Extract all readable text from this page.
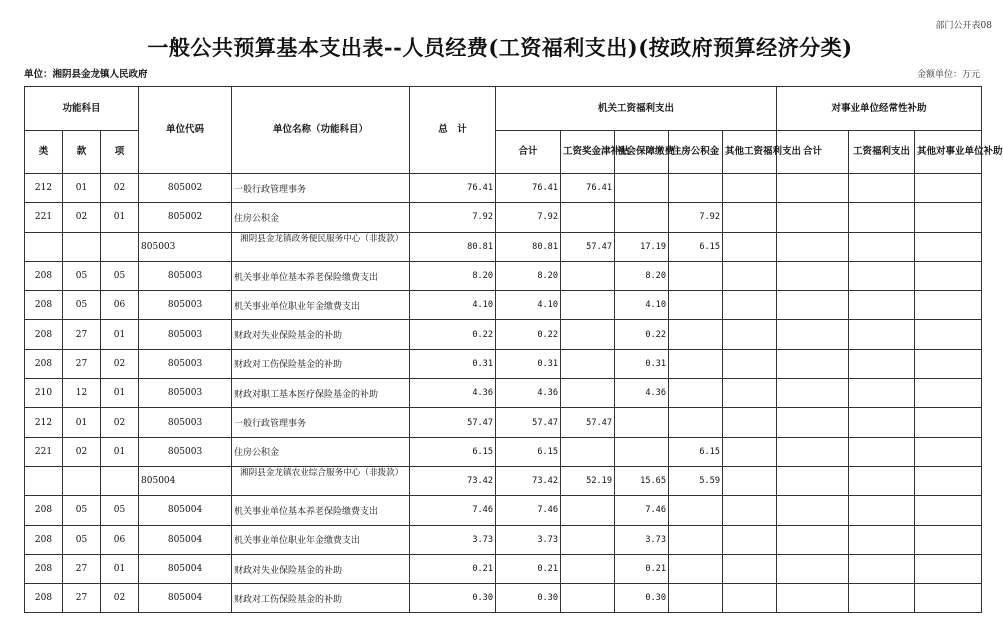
部门公开表08
一般公共预算基本支出表--人员经费(工资福利支出)(按政府预算经济分类)
单位：湘阴县金龙镇人民政府	金额单位：万元
功能科目			单位代码	单位名称（功能科目）	总　计	机关工资福利支出					对事业单位经常性补助		
类	款	项				合计	工资奖金津补贴	社会保障缴费	住房公积金	其他工资福利支出	合计	工资福利支出	其他对事业单位补助
212	01	02	805002	一般行政管理事务	76.41	76.41	76.41						
221	02	01	805002	住房公积金	7.92	7.92			7.92				
			805003	湘阴县金龙镇政务便民服务中心（非拨款）	80.81	80.81	57.47	17.19	6.15				
208	05	05	805003	机关事业单位基本养老保险缴费支出	8.20	8.20		8.20					
208	05	06	805003	机关事业单位职业年金缴费支出	4.10	4.10		4.10					
208	27	01	805003	财政对失业保险基金的补助	0.22	0.22		0.22					
208	27	02	805003	财政对工伤保险基金的补助	0.31	0.31		0.31					
210	12	01	805003	财政对职工基本医疗保险基金的补助	4.36	4.36		4.36					
212	01	02	805003	一般行政管理事务	57.47	57.47	57.47						
221	02	01	805003	住房公积金	6.15	6.15			6.15				
			805004	湘阴县金龙镇农业综合服务中心（非拨款）	73.42	73.42	52.19	15.65	5.59				
208	05	05	805004	机关事业单位基本养老保险缴费支出	7.46	7.46		7.46					
208	05	06	805004	机关事业单位职业年金缴费支出	3.73	3.73		3.73					
208	27	01	805004	财政对失业保险基金的补助	0.21	0.21		0.21					
208	27	02	805004	财政对工伤保险基金的补助	0.30	0.30		0.30					
